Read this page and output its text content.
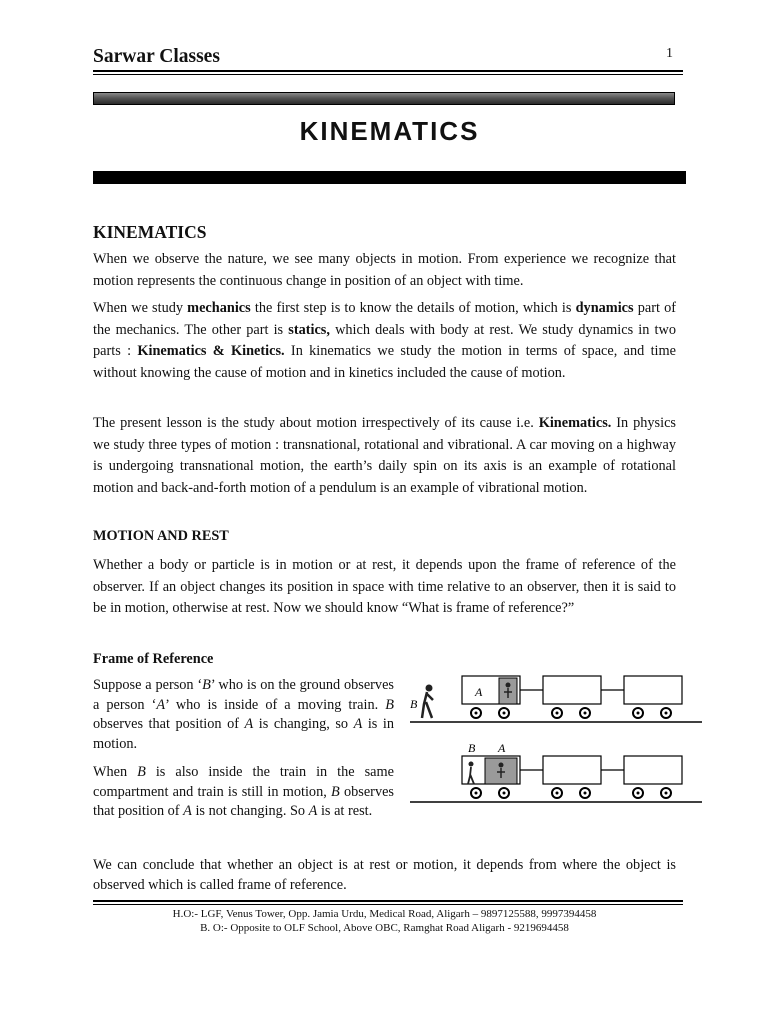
Sarwar Classes	1
KINEMATICS
KINEMATICS
When we observe the nature, we see many objects in motion. From experience we recognize that motion represents the continuous change in position of an object with time.
When we study mechanics the first step is to know the details of motion, which is dynamics part of the mechanics. The other part is statics, which deals with body at rest. We study dynamics in two parts : Kinematics & Kinetics. In kinematics we study the motion in terms of space, and time without knowing the cause of motion and in kinetics included the cause of motion.
The present lesson is the study about motion irrespectively of its cause i.e. Kinematics. In physics we study three types of motion : transnational, rotational and vibrational. A car moving on a highway is undergoing transnational motion, the earth’s daily spin on its axis is an example of rotational motion and back-and-forth motion of a pendulum is an example of vibrational motion.
MOTION AND REST
Whether a body or particle is in motion or at rest, it depends upon the frame of reference of the observer. If an object changes its position in space with time relative to an observer, then it is said to be in motion, otherwise at rest. Now we should know “What is frame of reference?”
Frame of Reference
Suppose a person ‘B’ who is on the ground observes a person ‘A’ who is inside of a moving train. B observes that position of A is changing, so A is in motion.
When B is also inside the train in the same compartment and train is still in motion, B observes that position of A is not changing. So A is at rest.
B
A
B A
We can conclude that whether an object is at rest or motion, it depends from where the object is observed which is called frame of reference.
H.O:- LGF, Venus Tower, Opp. Jamia Urdu, Medical Road, Aligarh – 9897125588, 9997394458
B. O:- Opposite to OLF School, Above OBC, Ramghat Road Aligarh - 9219694458
